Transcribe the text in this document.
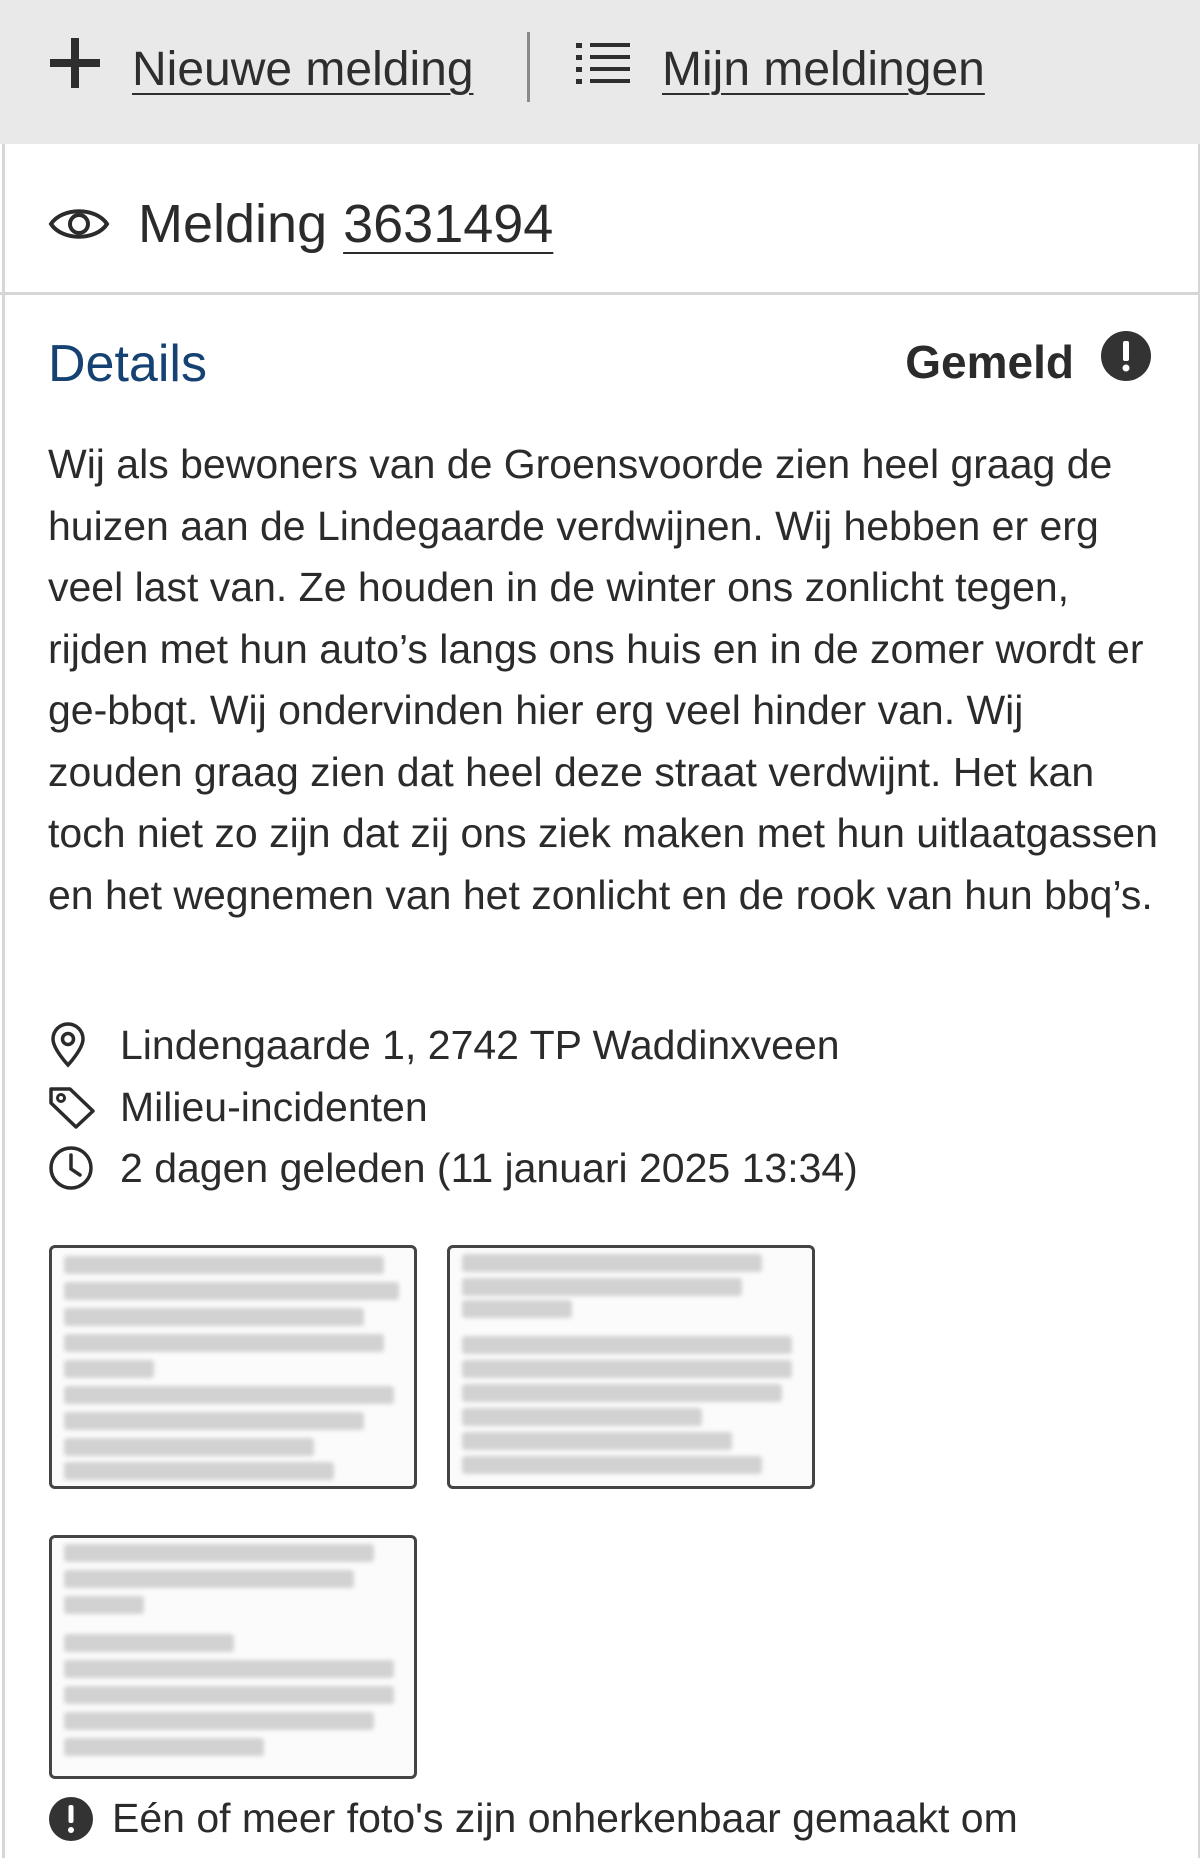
Nieuwe melding	Mijn meldingen
Melding 3631494
Details	Gemeld
Wij als bewoners van de Groensvoorde zien heel graag de huizen aan de Lindegaarde verdwijnen. Wij hebben er erg veel last van. Ze houden in de winter ons zonlicht tegen, rijden met hun auto’s langs ons huis en in de zomer wordt er ge-bbqt. Wij ondervinden hier erg veel hinder van. Wij zouden graag zien dat heel deze straat verdwijnt. Het kan toch niet zo zijn dat zij ons ziek maken met hun uitlaatgassen en het wegnemen van het zonlicht en de rook van hun bbq’s.
Lindengaarde 1, 2742 TP Waddinxveen
Milieu-incidenten
2 dagen geleden (11 januari 2025 13:34)
Eén of meer foto's zijn onherkenbaar gemaakt om
